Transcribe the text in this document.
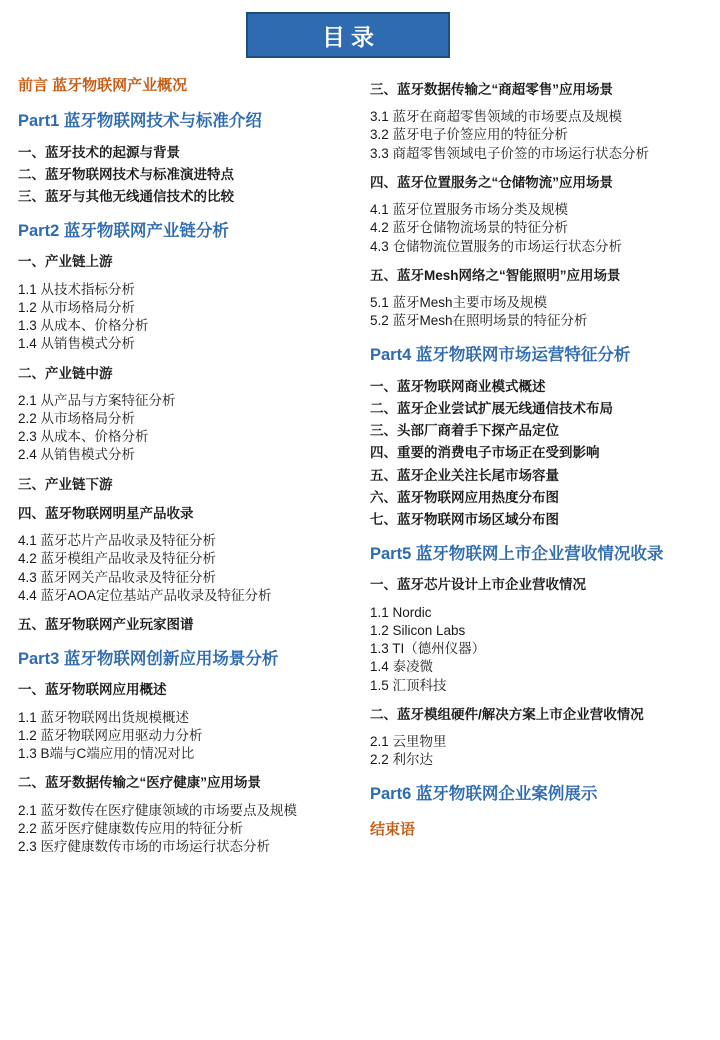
目录
前言 蓝牙物联网产业概况
Part1 蓝牙物联网技术与标准介绍
一、蓝牙技术的起源与背景
二、蓝牙物联网技术与标准演进特点
三、蓝牙与其他无线通信技术的比较
Part2 蓝牙物联网产业链分析
一、产业链上游
1.1 从技术指标分析
1.2 从市场格局分析
1.3 从成本、价格分析
1.4 从销售模式分析
二、产业链中游
2.1 从产品与方案特征分析
2.2 从市场格局分析
2.3 从成本、价格分析
2.4 从销售模式分析
三、产业链下游
四、蓝牙物联网明星产品收录
4.1 蓝牙芯片产品收录及特征分析
4.2 蓝牙模组产品收录及特征分析
4.3 蓝牙网关产品收录及特征分析
4.4 蓝牙AOA定位基站产品收录及特征分析
五、蓝牙物联网产业玩家图谱
Part3 蓝牙物联网创新应用场景分析
一、蓝牙物联网应用概述
1.1 蓝牙物联网出货规模概述
1.2 蓝牙物联网应用驱动力分析
1.3 B端与C端应用的情况对比
二、蓝牙数据传输之“医疗健康”应用场景
2.1 蓝牙数传在医疗健康领域的市场要点及规模
2.2 蓝牙医疗健康数传应用的特征分析
2.3 医疗健康数传市场的市场运行状态分析
三、蓝牙数据传输之“商超零售”应用场景
3.1 蓝牙在商超零售领域的市场要点及规模
3.2 蓝牙电子价签应用的特征分析
3.3 商超零售领域电子价签的市场运行状态分析
四、蓝牙位置服务之“仓储物流”应用场景
4.1 蓝牙位置服务市场分类及规模
4.2 蓝牙仓储物流场景的特征分析
4.3 仓储物流位置服务的市场运行状态分析
五、蓝牙Mesh网络之“智能照明”应用场景
5.1 蓝牙Mesh主要市场及规模
5.2 蓝牙Mesh在照明场景的特征分析
Part4 蓝牙物联网市场运营特征分析
一、蓝牙物联网商业模式概述
二、蓝牙企业尝试扩展无线通信技术布局
三、头部厂商着手下探产品定位
四、重要的消费电子市场正在受到影响
五、蓝牙企业关注长尾市场容量
六、蓝牙物联网应用热度分布图
七、蓝牙物联网市场区域分布图
Part5 蓝牙物联网上市企业营收情况收录
一、蓝牙芯片设计上市企业营收情况
1.1 Nordic
1.2 Silicon Labs
1.3 TI（德州仪器）
1.4 泰凌微
1.5 汇顶科技
二、蓝牙模组硬件/解决方案上市企业营收情况
2.1 云里物里
2.2 利尔达
Part6 蓝牙物联网企业案例展示
结束语
